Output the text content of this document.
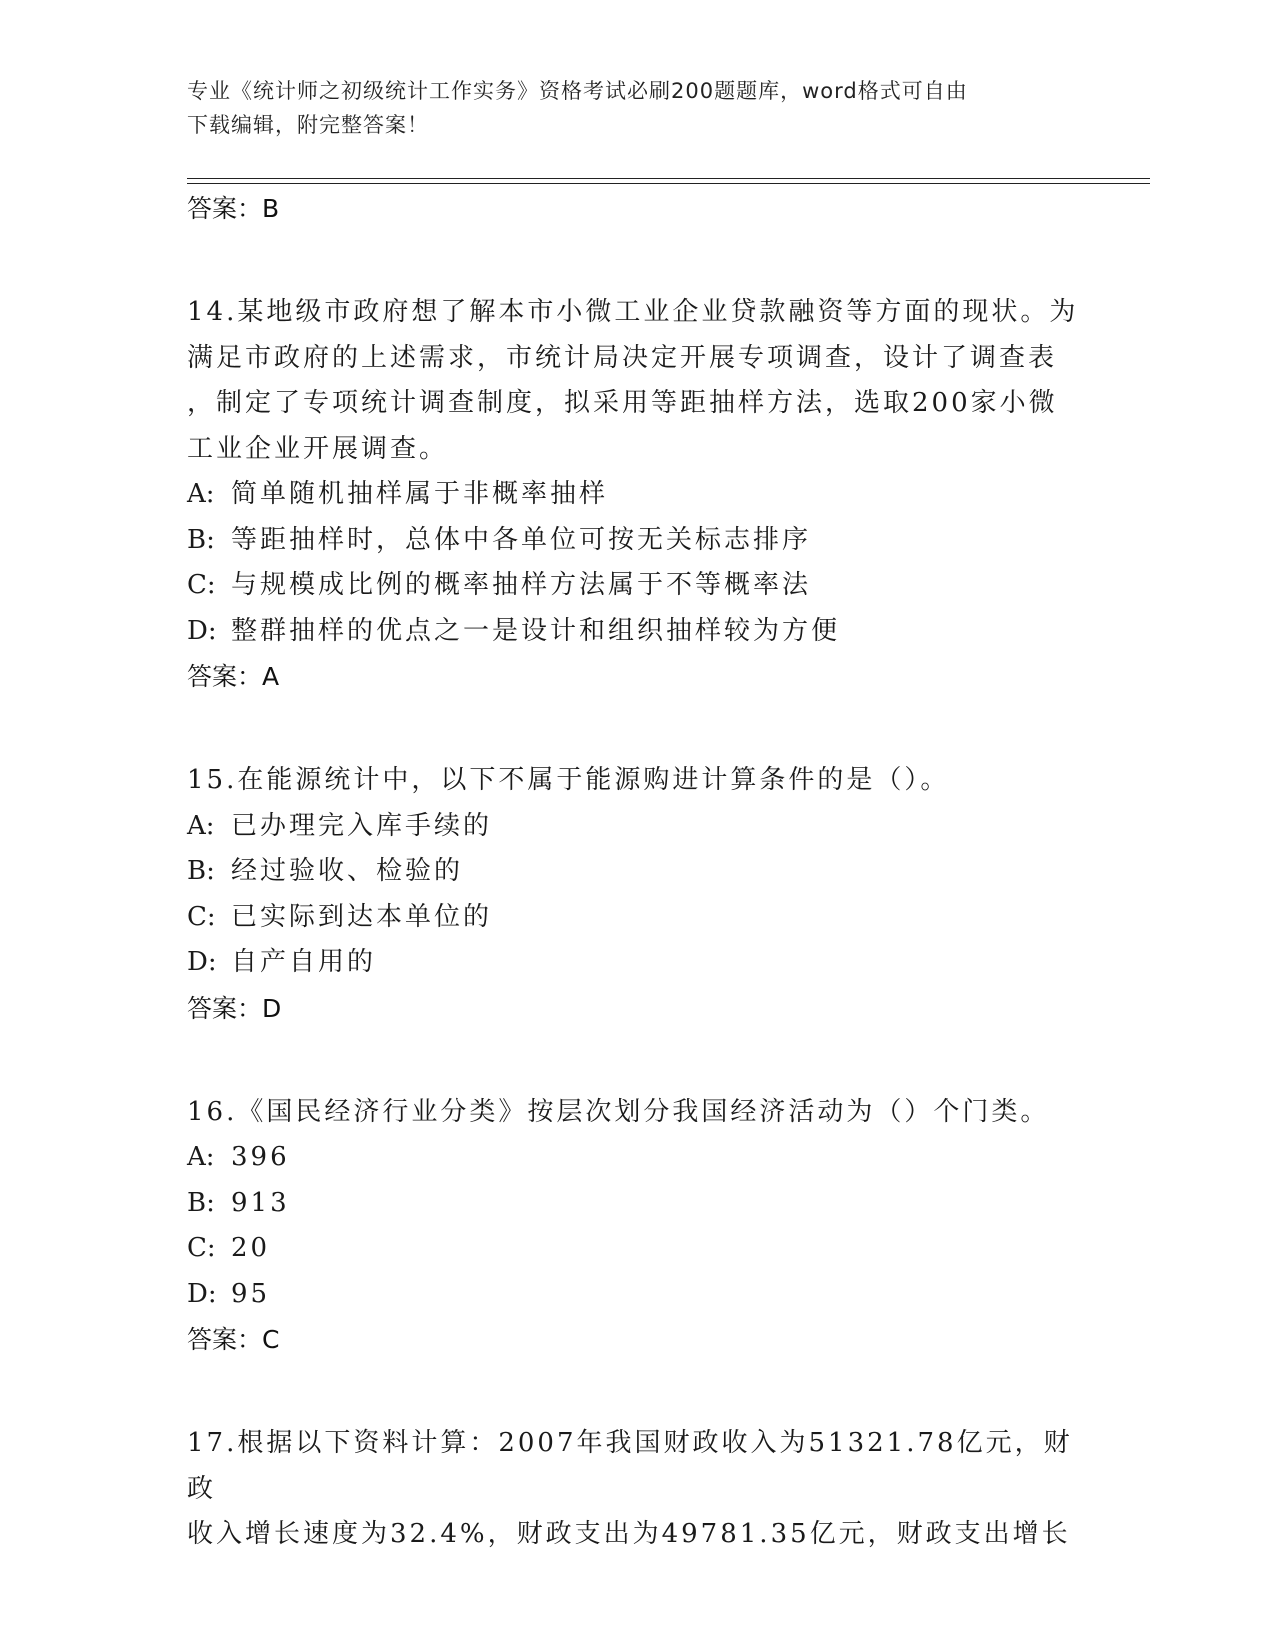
专业《统计师之初级统计工作实务》资格考试必刷200题题库，word格式可自由
下载编辑，附完整答案！
答案：B
14.某地级市政府想了解本市小微工业企业贷款融资等方面的现状。为
满足市政府的上述需求，市统计局决定开展专项调查，设计了调查表
，制定了专项统计调查制度，拟采用等距抽样方法，选取200家小微
工业企业开展调查。
A: 简单随机抽样属于非概率抽样
B: 等距抽样时，总体中各单位可按无关标志排序
C: 与规模成比例的概率抽样方法属于不等概率法
D: 整群抽样的优点之一是设计和组织抽样较为方便
答案：A
15.在能源统计中，以下不属于能源购进计算条件的是（）。
A: 已办理完入库手续的
B: 经过验收、检验的
C: 已实际到达本单位的
D: 自产自用的
答案：D
16.《国民经济行业分类》按层次划分我国经济活动为（）个门类。
A: 396
B: 913
C: 20
D: 95
答案：C
17.根据以下资料计算：2007年我国财政收入为51321.78亿元，财政
收入增长速度为32.4%，财政支出为49781.35亿元，财政支出增长
